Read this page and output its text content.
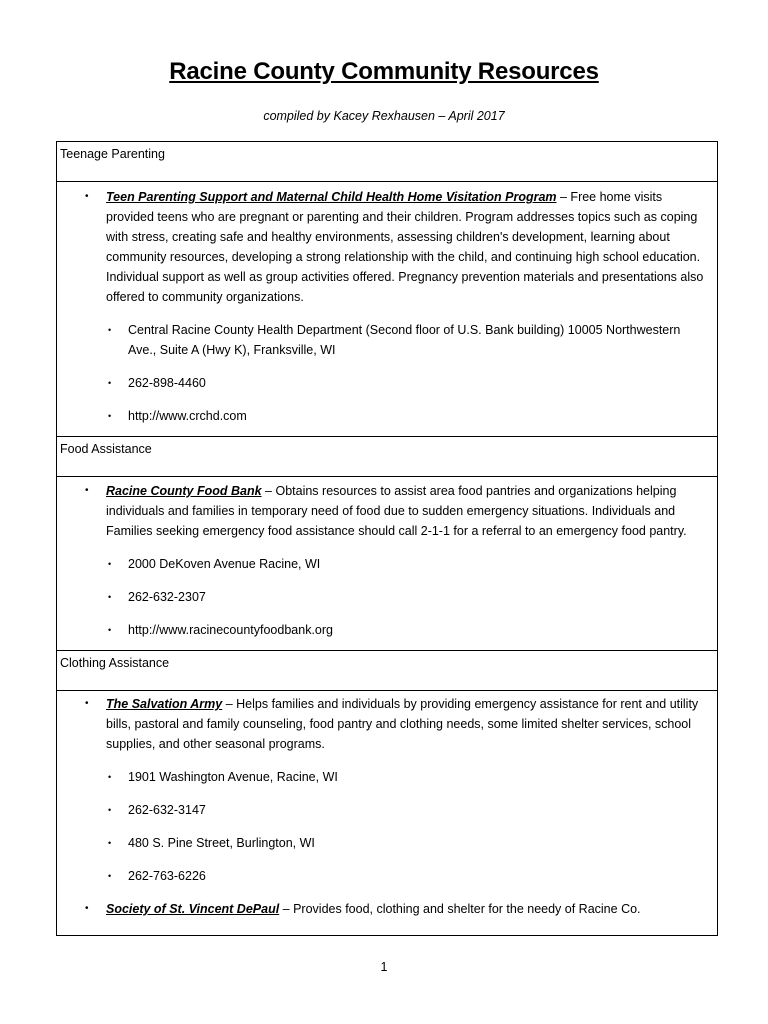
Racine County Community Resources
compiled by Kacey Rexhausen – April 2017
Teenage Parenting

• Teen Parenting Support and Maternal Child Health Home Visitation Program – Free home visits provided teens who are pregnant or parenting and their children. Program addresses topics such as coping with stress, creating safe and healthy environments, assessing children's development, learning about community resources, developing a strong relationship with the child, and continuing high school education. Individual support as well as group activities offered. Pregnancy prevention materials and presentations also offered to community organizations.
• Central Racine County Health Department (Second floor of U.S. Bank building) 10005 Northwestern Ave., Suite A (Hwy K), Franksville, WI
• 262-898-4460
• http://www.crchd.com

Food Assistance

• Racine County Food Bank – Obtains resources to assist area food pantries and organizations helping individuals and families in temporary need of food due to sudden emergency situations. Individuals and Families seeking emergency food assistance should call 2-1-1 for a referral to an emergency food pantry.
• 2000 DeKoven Avenue Racine, WI
• 262-632-2307
• http://www.racinecountyfoodbank.org

Clothing Assistance

• The Salvation Army – Helps families and individuals by providing emergency assistance for rent and utility bills, pastoral and family counseling, food pantry and clothing needs, some limited shelter services, school supplies, and other seasonal programs.
• 1901 Washington Avenue, Racine, WI
• 262-632-3147
• 480 S. Pine Street, Burlington, WI
• 262-763-6226
• Society of St. Vincent DePaul – Provides food, clothing and shelter for the needy of Racine Co.
1
